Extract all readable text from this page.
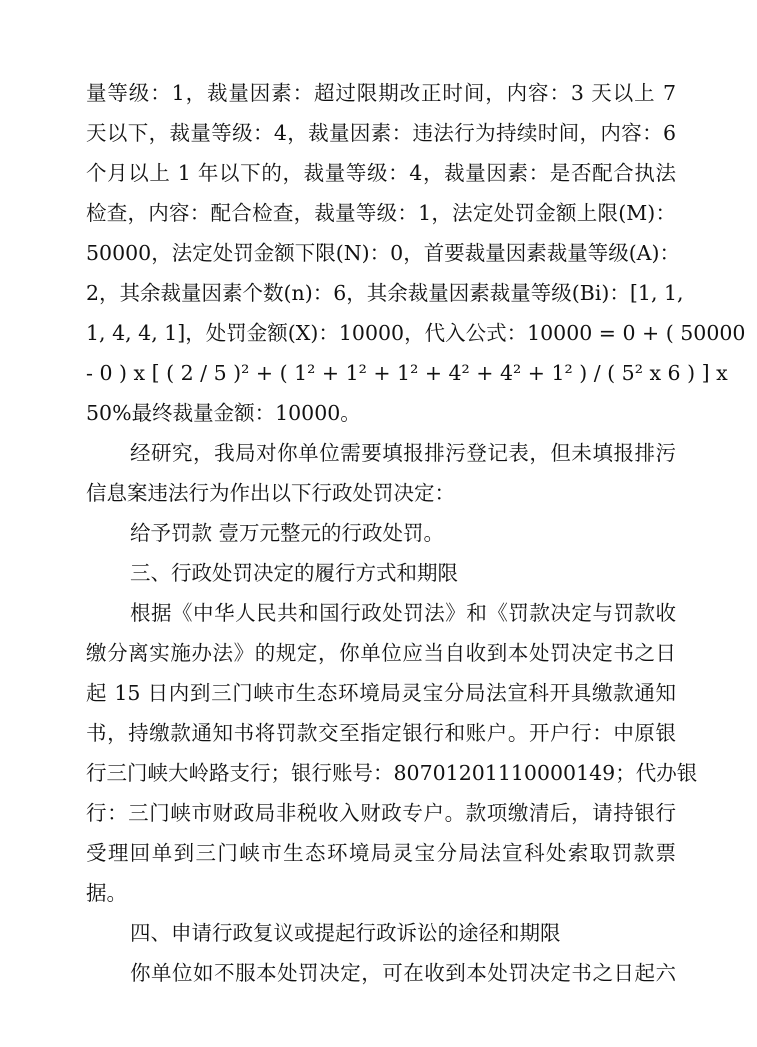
量等级：1，裁量因素：超过限期改正时间，内容：3 天以上 7
天以下，裁量等级：4，裁量因素：违法行为持续时间，内容：6
个月以上 1 年以下的，裁量等级：4，裁量因素：是否配合执法
检查，内容：配合检查，裁量等级：1，法定处罚金额上限(M)：
50000，法定处罚金额下限(N)：0，首要裁量因素裁量等级(A)：
2，其余裁量因素个数(n)：6，其余裁量因素裁量等级(Bi)：[1, 1,
1, 4, 4, 1]，处罚金额(X)：10000，代入公式：10000 = 0 + ( 50000
- 0 ) x [ ( 2 / 5 )² + ( 1² + 1² + 1² + 4² + 4² + 1² ) / ( 5² x 6 ) ] x
50%最终裁量金额：10000。
经研究，我局对你单位需要填报排污登记表，但未填报排污
信息案违法行为作出以下行政处罚决定：
给予罚款 壹万元整元的行政处罚。
三、行政处罚决定的履行方式和期限
根据《中华人民共和国行政处罚法》和《罚款决定与罚款收
缴分离实施办法》的规定，你单位应当自收到本处罚决定书之日
起 15 日内到三门峡市生态环境局灵宝分局法宣科开具缴款通知
书，持缴款通知书将罚款交至指定银行和账户。开户行：中原银
行三门峡大岭路支行；银行账号：80701201110000149；代办银
行：三门峡市财政局非税收入财政专户。款项缴清后，请持银行
受理回单到三门峡市生态环境局灵宝分局法宣科处索取罚款票
据。
四、申请行政复议或提起行政诉讼的途径和期限
你单位如不服本处罚决定，可在收到本处罚决定书之日起六
